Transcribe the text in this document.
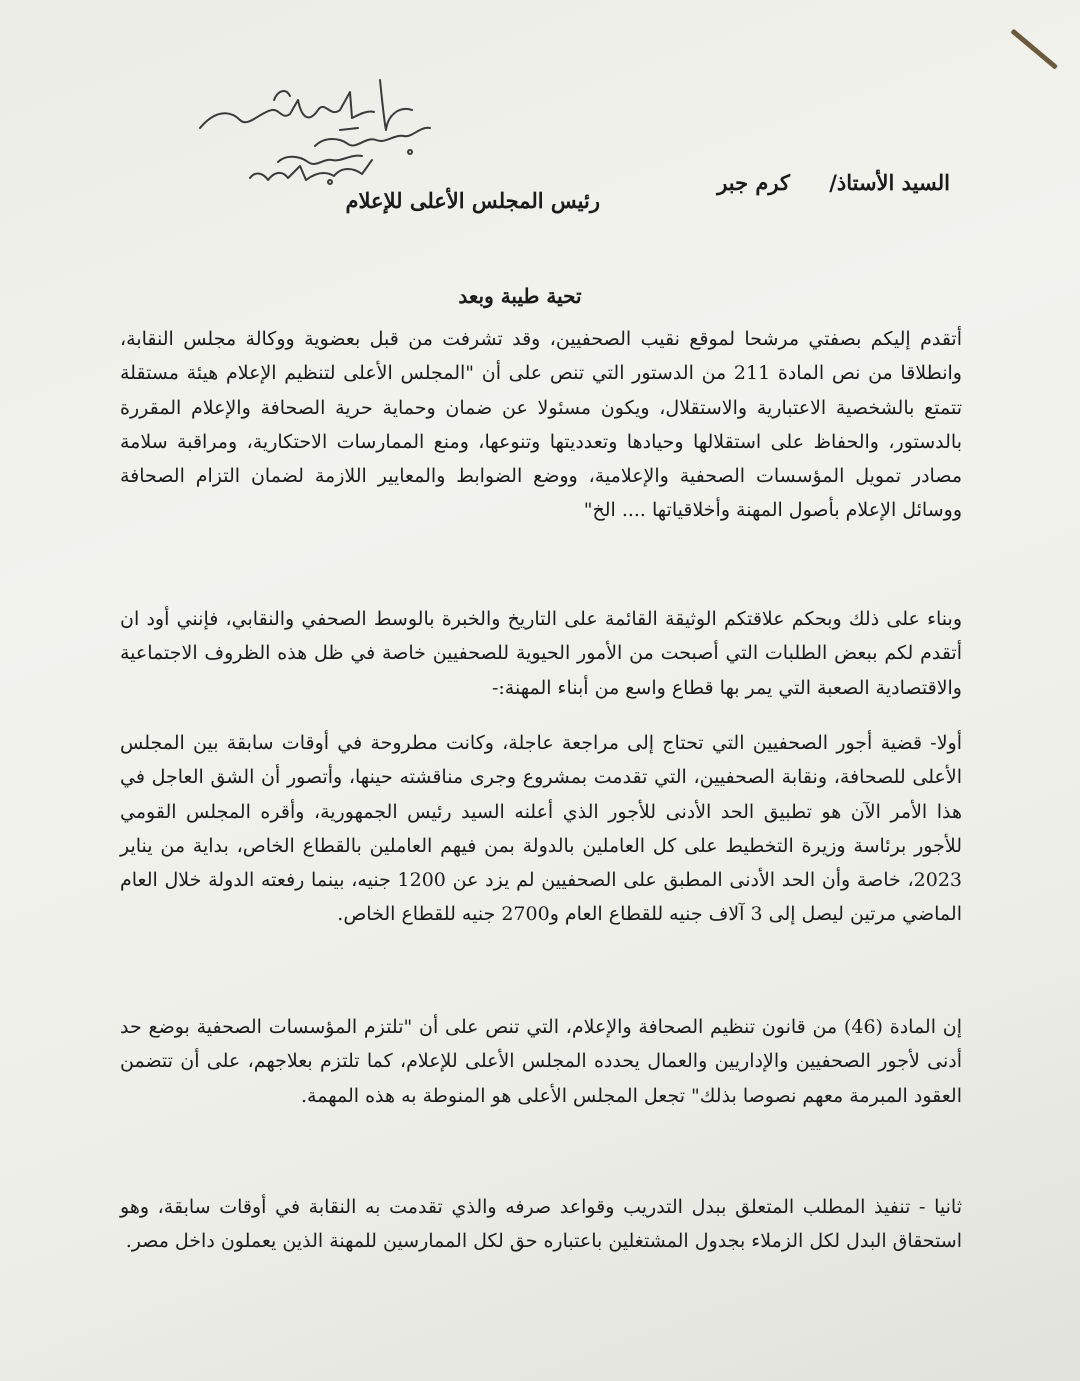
السيد الأستاذ/
كرم جبر
رئيس المجلس الأعلى للإعلام
تحية طيبة وبعد
أتقدم إليكم بصفتي مرشحا لموقع نقيب الصحفيين، وقد تشرفت من قبل بعضوية ووكالة مجلس النقابة، وانطلاقا من نص المادة 211 من الدستور التي تنص على أن "المجلس الأعلى لتنظيم الإعلام هيئة مستقلة تتمتع بالشخصية الاعتبارية والاستقلال، ويكون مسئولا عن ضمان وحماية حرية الصحافة والإعلام المقررة بالدستور، والحفاظ على استقلالها وحيادها وتعدديتها وتنوعها، ومنع الممارسات الاحتكارية، ومراقبة سلامة مصادر تمويل المؤسسات الصحفية والإعلامية، ووضع الضوابط والمعايير اللازمة لضمان التزام الصحافة ووسائل الإعلام بأصول المهنة وأخلاقياتها .... الخ"
وبناء على ذلك وبحكم علاقتكم الوثيقة القائمة على التاريخ والخبرة بالوسط الصحفي والنقابي، فإنني أود ان أتقدم لكم ببعض الطلبات التي أصبحت من الأمور الحيوية للصحفيين خاصة في ظل هذه الظروف الاجتماعية والاقتصادية الصعبة التي يمر بها قطاع واسع من أبناء المهنة:-
أولا- قضية أجور الصحفيين التي تحتاج إلى مراجعة عاجلة، وكانت مطروحة في أوقات سابقة بين المجلس الأعلى للصحافة، ونقابة الصحفيين، التي تقدمت بمشروع وجرى مناقشته حينها، وأتصور أن الشق العاجل في هذا الأمر الآن هو تطبيق الحد الأدنى للأجور الذي أعلنه السيد رئيس الجمهورية، وأقره المجلس القومي للأجور برئاسة وزيرة التخطيط على كل العاملين بالدولة بمن فيهم العاملين بالقطاع الخاص، بداية من يناير 2023، خاصة وأن الحد الأدنى المطبق على الصحفيين لم يزد عن 1200 جنيه، بينما رفعته الدولة خلال العام الماضي مرتين ليصل إلى 3 آلاف جنيه للقطاع العام و2700 جنيه للقطاع الخاص.
إن المادة (46) من قانون تنظيم الصحافة والإعلام، التي تنص على أن "تلتزم المؤسسات الصحفية بوضع حد أدنى لأجور الصحفيين والإداريين والعمال يحدده المجلس الأعلى للإعلام، كما تلتزم بعلاجهم، على أن تتضمن العقود المبرمة معهم نصوصا بذلك" تجعل المجلس الأعلى هو المنوطة به هذه المهمة.
ثانيا - تنفيذ المطلب المتعلق ببدل التدريب وقواعد صرفه والذي تقدمت به النقابة في أوقات سابقة، وهو استحقاق البدل لكل الزملاء بجدول المشتغلين باعتباره حق لكل الممارسين للمهنة الذين يعملون داخل مصر.
